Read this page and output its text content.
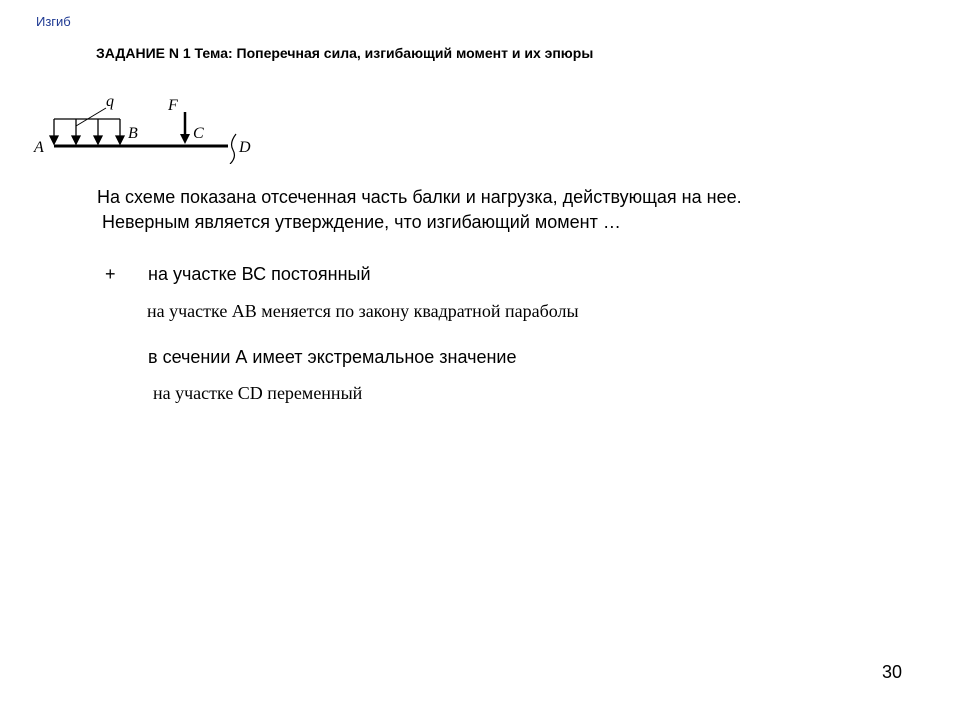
Изгиб
ЗАДАНИЕ N 1 Тема: Поперечная сила, изгибающий момент и их эпюры
q	F
A
B	C
D
На схеме показана отсеченная часть балки и нагрузка, действующая на нее.
Неверным является утверждение, что изгибающий момент …
+ на участке ВС постоянный
на участке AB меняется по закону квадратной параболы
в сечении А имеет экстремальное значение
на участке CD переменный
30
